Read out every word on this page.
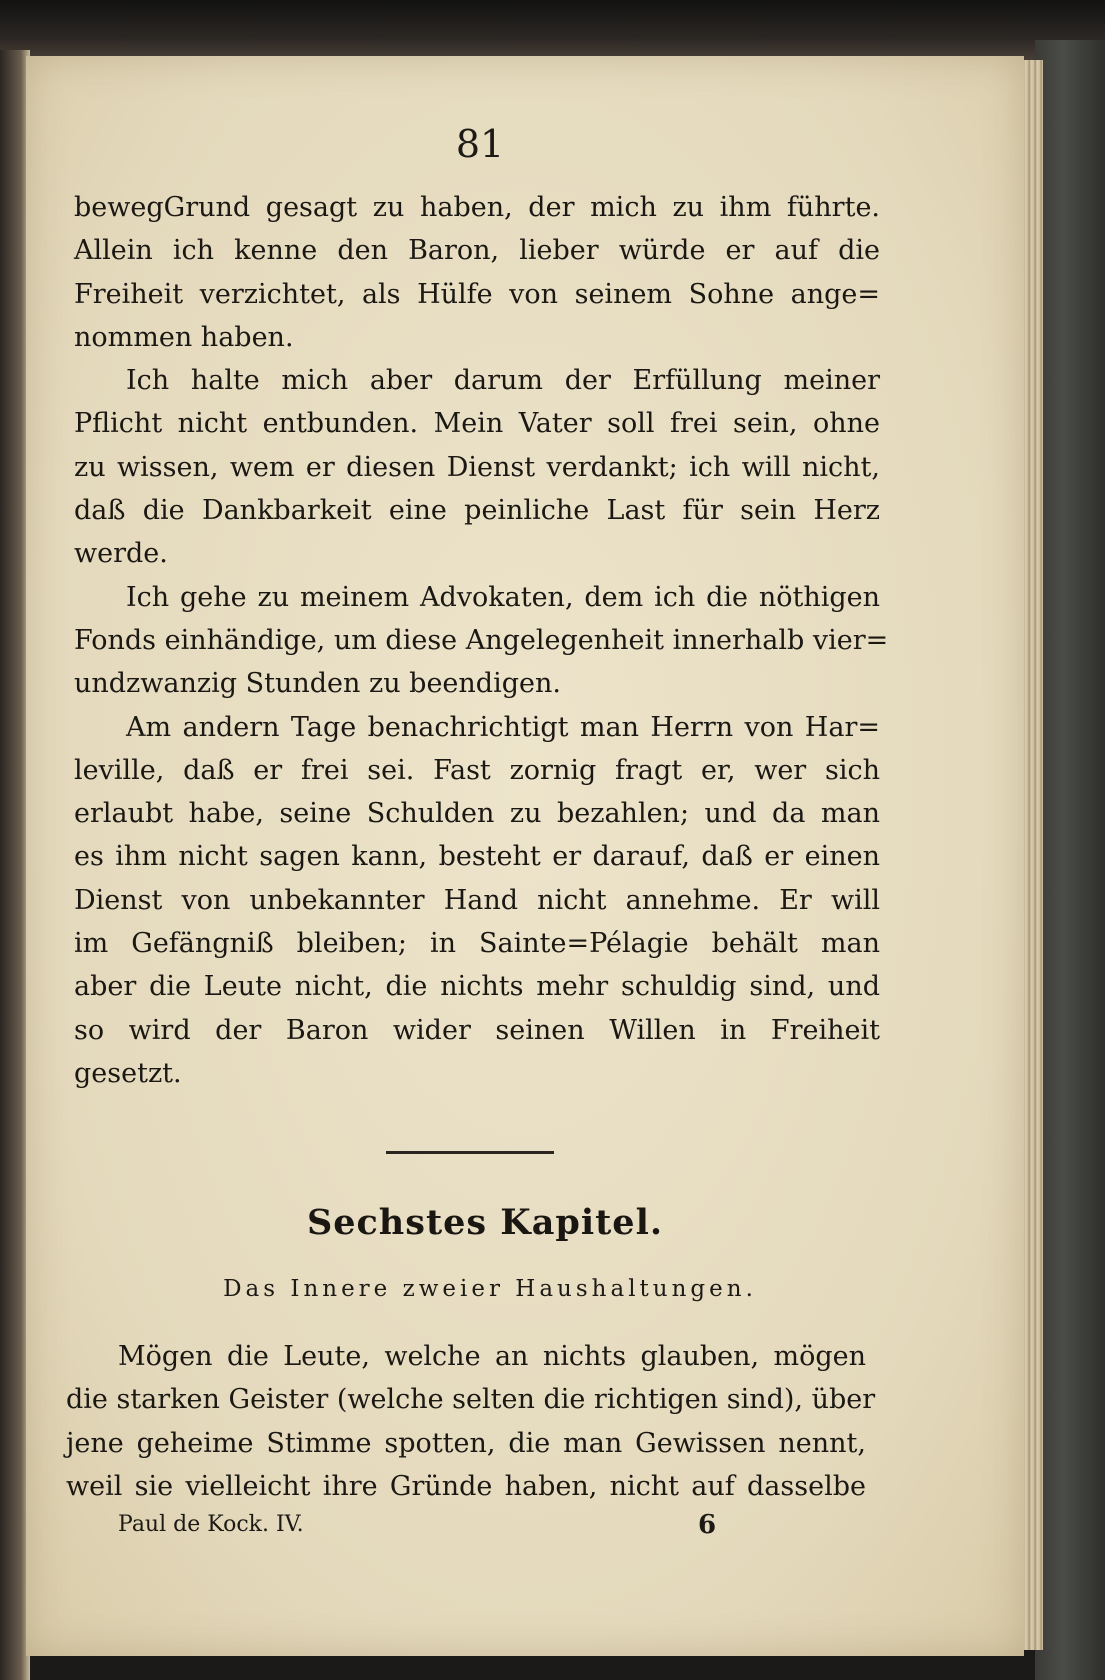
81
bewegGrund gesagt zu haben, der mich zu ihm führte.
Allein ich kenne den Baron, lieber würde er auf die
Freiheit verzichtet, als Hülfe von seinem Sohne ange=
nommen haben.
Ich halte mich aber darum der Erfüllung meiner
Pflicht nicht entbunden. Mein Vater soll frei sein, ohne
zu wissen, wem er diesen Dienst verdankt; ich will nicht,
daß die Dankbarkeit eine peinliche Last für sein Herz
werde.
Ich gehe zu meinem Advokaten, dem ich die nöthigen
Fonds einhändige, um diese Angelegenheit innerhalb vier=
undzwanzig Stunden zu beendigen.
Am andern Tage benachrichtigt man Herrn von Har=
leville, daß er frei sei. Fast zornig fragt er, wer sich
erlaubt habe, seine Schulden zu bezahlen; und da man
es ihm nicht sagen kann, besteht er darauf, daß er einen
Dienst von unbekannter Hand nicht annehme. Er will
im Gefängniß bleiben; in Sainte=Pélagie behält man
aber die Leute nicht, die nichts mehr schuldig sind, und
so wird der Baron wider seinen Willen in Freiheit
gesetzt.
Sechstes Kapitel.
Das Innere zweier Haushaltungen.
Mögen die Leute, welche an nichts glauben, mögen
die starken Geister (welche selten die richtigen sind), über
jene geheime Stimme spotten, die man Gewissen nennt,
weil sie vielleicht ihre Gründe haben, nicht auf dasselbe
Paul de Kock. IV.	6
